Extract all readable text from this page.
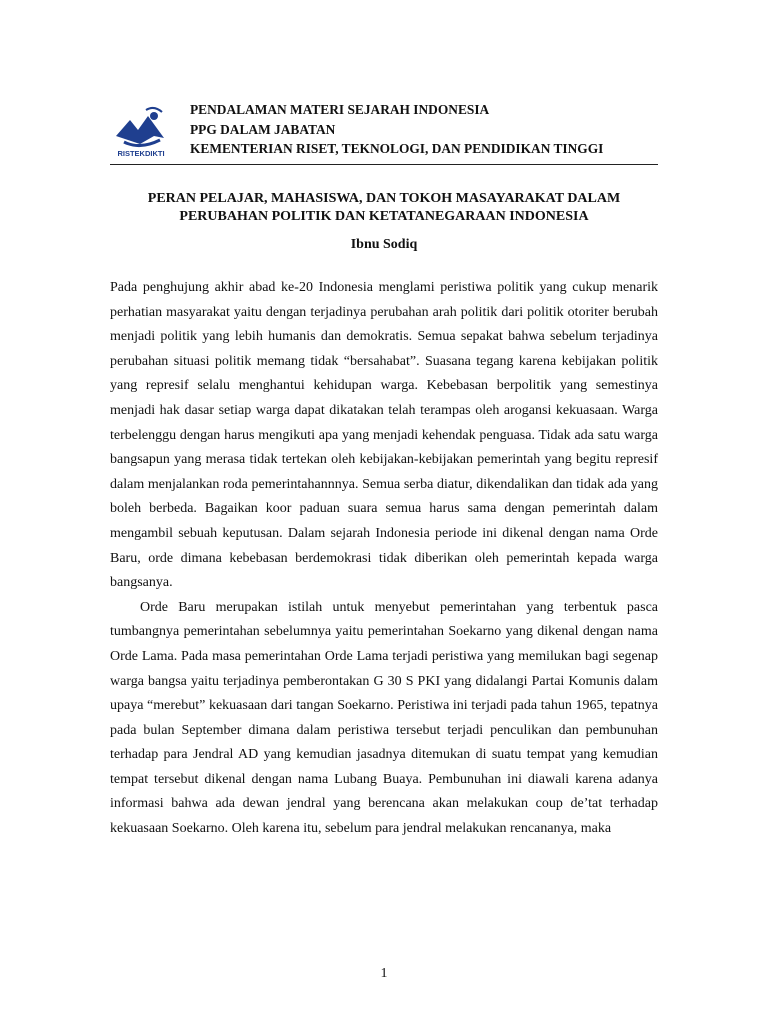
RISTEKDIKTI
PENDALAMAN MATERI SEJARAH INDONESIA
PPG DALAM JABATAN
KEMENTERIAN RISET, TEKNOLOGI, DAN PENDIDIKAN TINGGI
PERAN PELAJAR, MAHASISWA, DAN TOKOH MASAYARAKAT DALAM
PERUBAHAN POLITIK DAN KETATANEGARAAN INDONESIA
Ibnu Sodiq

Pada penghujung akhir abad ke-20 Indonesia menglami peristiwa politik yang cukup menarik perhatian masyarakat yaitu dengan terjadinya perubahan arah politik dari politik otoriter berubah menjadi politik yang lebih humanis dan demokratis. Semua sepakat bahwa sebelum terjadinya perubahan situasi politik memang tidak “bersahabat”. Suasana tegang karena kebijakan politik yang represif selalu menghantui kehidupan warga. Kebebasan berpolitik yang semestinya menjadi hak dasar setiap warga dapat dikatakan telah terampas oleh arogansi kekuasaan. Warga terbelenggu dengan harus mengikuti apa yang menjadi kehendak penguasa. Tidak ada satu warga bangsapun yang merasa tidak tertekan oleh kebijakan-kebijakan pemerintah yang begitu represif dalam menjalankan roda pemerintahannnya. Semua serba diatur, dikendalikan dan tidak ada yang boleh berbeda. Bagaikan koor paduan suara semua harus sama dengan pemerintah dalam mengambil sebuah keputusan. Dalam sejarah Indonesia periode ini dikenal dengan nama Orde Baru, orde dimana kebebasan berdemokrasi tidak diberikan oleh pemerintah kepada warga bangsanya.

Orde Baru merupakan istilah untuk menyebut pemerintahan yang terbentuk pasca tumbangnya pemerintahan sebelumnya yaitu pemerintahan Soekarno yang dikenal dengan nama Orde Lama. Pada masa pemerintahan Orde Lama terjadi peristiwa yang memilukan bagi segenap warga bangsa yaitu terjadinya pemberontakan G 30 S PKI yang didalangi Partai Komunis dalam upaya “merebut” kekuasaan dari tangan Soekarno. Peristiwa ini terjadi pada tahun 1965, tepatnya pada bulan September dimana dalam peristiwa tersebut terjadi penculikan dan pembunuhan terhadap para Jendral AD yang kemudian jasadnya ditemukan di suatu tempat yang kemudian tempat tersebut dikenal dengan nama Lubang Buaya. Pembunuhan ini diawali karena adanya informasi bahwa ada dewan jendral yang berencana akan melakukan coup de’tat terhadap kekuasaan Soekarno. Oleh karena itu, sebelum para jendral melakukan rencananya, maka

1
